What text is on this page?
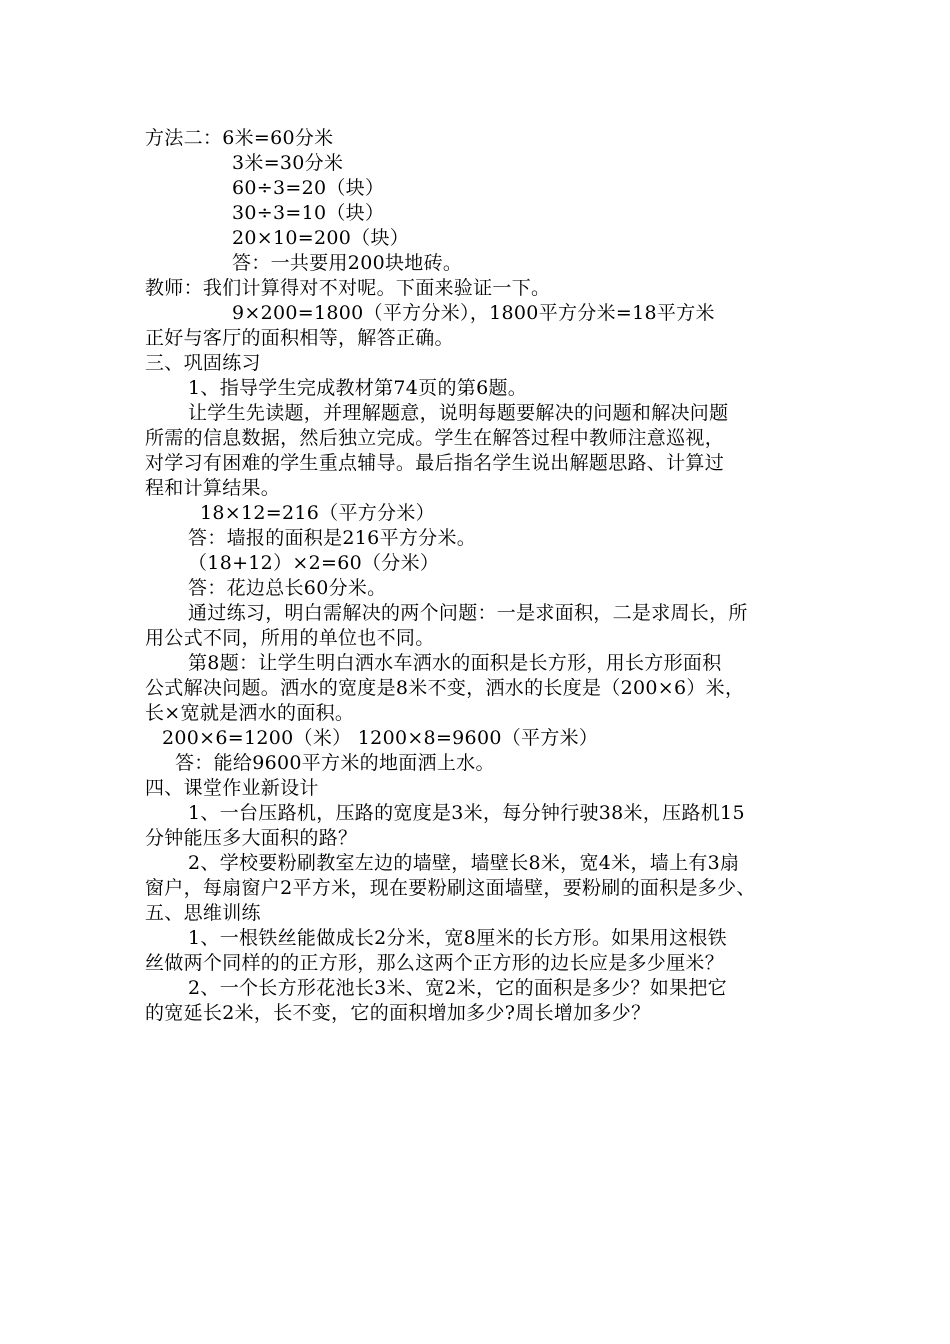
方法二：6米=60分米
3米=30分米
60÷3=20（块）
30÷3=10（块）
20×10=200（块）
答：一共要用200块地砖。
教师：我们计算得对不对呢。下面来验证一下。
9×200=1800（平方分米），1800平方分米=18平方米
正好与客厅的面积相等，解答正确。
三、巩固练习
1、指导学生完成教材第74页的第6题。
让学生先读题，并理解题意，说明每题要解决的问题和解决问题
所需的信息数据，然后独立完成。学生在解答过程中教师注意巡视，
对学习有困难的学生重点辅导。最后指名学生说出解题思路、计算过
程和计算结果。
18×12=216（平方分米）
答：墙报的面积是216平方分米。
（18+12）×2=60（分米）
答：花边总长60分米。
通过练习，明白需解决的两个问题：一是求面积，二是求周长，所
用公式不同，所用的单位也不同。
第8题：让学生明白洒水车洒水的面积是长方形，用长方形面积
公式解决问题。洒水的宽度是8米不变，洒水的长度是（200×6）米，
长×宽就是洒水的面积。
200×6=1200（米） 1200×8=9600（平方米）
答：能给9600平方米的地面洒上水。
四、课堂作业新设计
1、一台压路机，压路的宽度是3米，每分钟行驶38米，压路机15
分钟能压多大面积的路？
2、学校要粉刷教室左边的墙壁，墙壁长8米，宽4米，墙上有3扇
窗户，每扇窗户2平方米，现在要粉刷这面墙壁，要粉刷的面积是多少、
五、思维训练
1、一根铁丝能做成长2分米，宽8厘米的长方形。如果用这根铁
丝做两个同样的的正方形，那么这两个正方形的边长应是多少厘米？
2、一个长方形花池长3米、宽2米，它的面积是多少？如果把它
的宽延长2米，长不变，它的面积增加多少?周长增加多少？
